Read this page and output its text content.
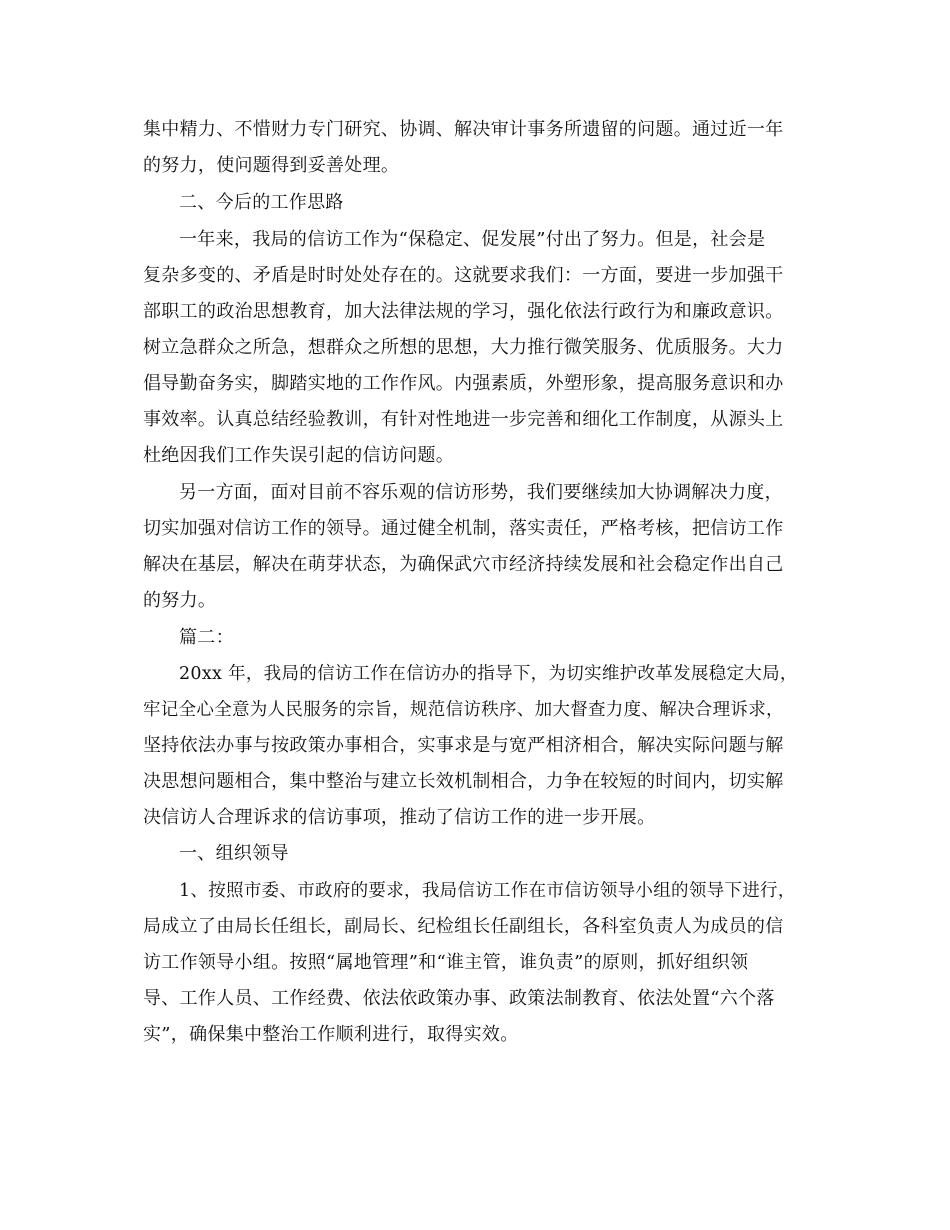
集中精力、不惜财力专门研究、协调、解决审计事务所遗留的问题。通过近一年
的努力，使问题得到妥善处理。
二、今后的工作思路
一年来，我局的信访工作为“保稳定、促发展”付出了努力。但是，社会是
复杂多变的、矛盾是时时处处存在的。这就要求我们：一方面，要进一步加强干
部职工的政治思想教育，加大法律法规的学习，强化依法行政行为和廉政意识。
树立急群众之所急，想群众之所想的思想，大力推行微笑服务、优质服务。大力
倡导勤奋务实，脚踏实地的工作作风。内强素质，外塑形象，提高服务意识和办
事效率。认真总结经验教训，有针对性地进一步完善和细化工作制度，从源头上
杜绝因我们工作失误引起的信访问题。
另一方面，面对目前不容乐观的信访形势，我们要继续加大协调解决力度，
切实加强对信访工作的领导。通过健全机制，落实责任，严格考核，把信访工作
解决在基层，解决在萌芽状态，为确保武穴市经济持续发展和社会稳定作出自己
的努力。
篇二：
20xx 年，我局的信访工作在信访办的指导下，为切实维护改革发展稳定大局，
牢记全心全意为人民服务的宗旨，规范信访秩序、加大督查力度、解决合理诉求，
坚持依法办事与按政策办事相合，实事求是与宽严相济相合，解决实际问题与解
决思想问题相合，集中整治与建立长效机制相合，力争在较短的时间内，切实解
决信访人合理诉求的信访事项，推动了信访工作的进一步开展。
一、组织领导
1、按照市委、市政府的要求，我局信访工作在市信访领导小组的领导下进行，
局成立了由局长任组长，副局长、纪检组长任副组长，各科室负责人为成员的信
访工作领导小组。按照“属地管理”和“谁主管，谁负责”的原则，抓好组织领
导、工作人员、工作经费、依法依政策办事、政策法制教育、依法处置“六个落
实”，确保集中整治工作顺利进行，取得实效。
